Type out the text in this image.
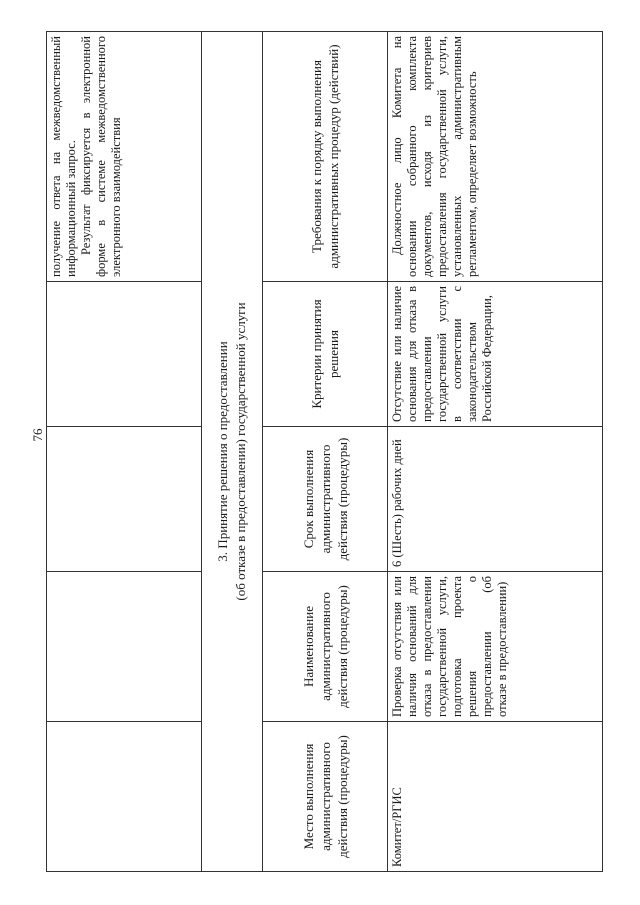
76

				получение ответа на межведомственный информационный запрос. Результат фиксируется в электронной форме в системе межведомственного электронного взаимодействия

3. Принятие решения о предоставлении (об отказе в предоставлении) государственной услуги				

Место выполнения административного действия (процедуры)	Наименование административного действия (процедуры)	Срок выполнения административного действия (процедуры)	Критерии принятия решения	Требования к порядку выполнения административных процедур (действий)
Комитет/РГИС	Проверка отсутствия или наличия оснований для отказа в предоставлении государственной услуги, подготовка проекта решения о предоставлении (об отказе в предоставлении)	6 (Шесть) рабочих дней	Отсутствие или наличие основания для отказа в предоставлении государственной услуги в соответствии с законодательством Российской Федерации,	Должностное лицо Комитета на основании собранного комплекта документов, исходя из критериев предоставления государственной услуги, установленных административным регламентом, определяет возможность
